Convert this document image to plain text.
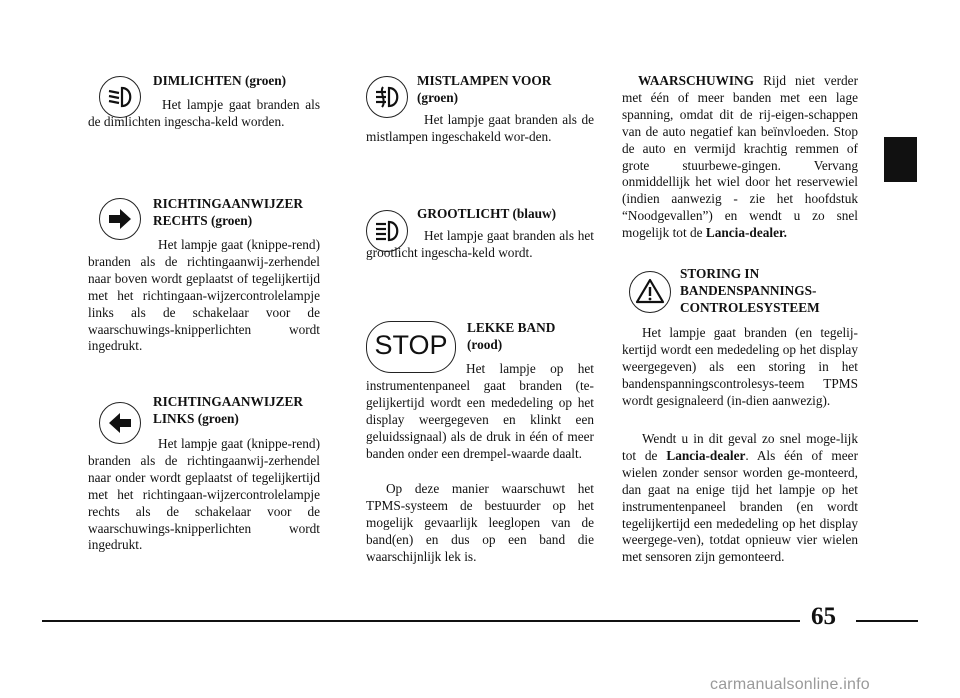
DIMLICHTEN (groen)

Het lampje gaat branden als de dimlichten ingescha-keld worden.

RICHTINGAANWIJZER RECHTS (groen)

Het lampje gaat (knippe-rend) branden als de richtingaanwij-zerhendel naar boven wordt geplaatst of tegelijkertijd met het richtingaan-wijzercontrolelampje links als de schakelaar voor de waarschuwings-knipperlichten wordt ingedrukt.

RICHTINGAANWIJZER LINKS (groen)

Het lampje gaat (knippe-rend) branden als de richtingaanwij-zerhendel naar onder wordt geplaatst of tegelijkertijd met het richtingaan-wijzercontrolelampje rechts als de schakelaar voor de waarschuwings-knipperlichten wordt ingedrukt.

MISTLAMPEN VOOR (groen)

Het lampje gaat branden als de mistlampen ingeschakeld wor-den.

GROOTLICHT (blauw)

Het lampje gaat branden als het grootlicht ingescha-keld wordt.

STOP
LEKKE BAND (rood)

Het lampje op het instrumentenpaneel gaat branden (te-gelijkertijd wordt een mededeling op het display weergegeven en klinkt een geluidssignaal) als de druk in één of meer banden onder een drempel-waarde daalt.

Op deze manier waarschuwt het TPMS-systeem de bestuurder op het mogelijk gevaarlijk leeglopen van de band(en) en dus op een band die waarschijnlijk lek is.

WAARSCHUWING Rijd niet verder met één of meer banden met een lage spanning, omdat dit de rij-eigen-schappen van de auto negatief kan beïnvloeden. Stop de auto en vermijd krachtig remmen of grote stuurbewe-gingen. Vervang onmiddellijk het wiel door het reservewiel (indien aanwezig - zie het hoofdstuk “Noodgevallen”) en wendt u zo snel mogelijk tot de Lancia-dealer.

STORING IN BANDENSPANNINGS-CONTROLESYSTEEM

Het lampje gaat branden (en tegelij-kertijd wordt een mededeling op het display weergegeven) als een storing in het bandenspanningscontrolesys-teem TPMS wordt gesignaleerd (in-dien aanwezig).

Wendt u in dit geval zo snel moge-lijk tot de Lancia-dealer. Als één of meer wielen zonder sensor worden ge-monteerd, dan gaat na enige tijd het lampje op het instrumentenpaneel branden (en wordt tegelijkertijd een mededeling op het display weergege-ven), totdat opnieuw vier wielen met sensoren zijn gemonteerd.

65
carmanualsonline.info
